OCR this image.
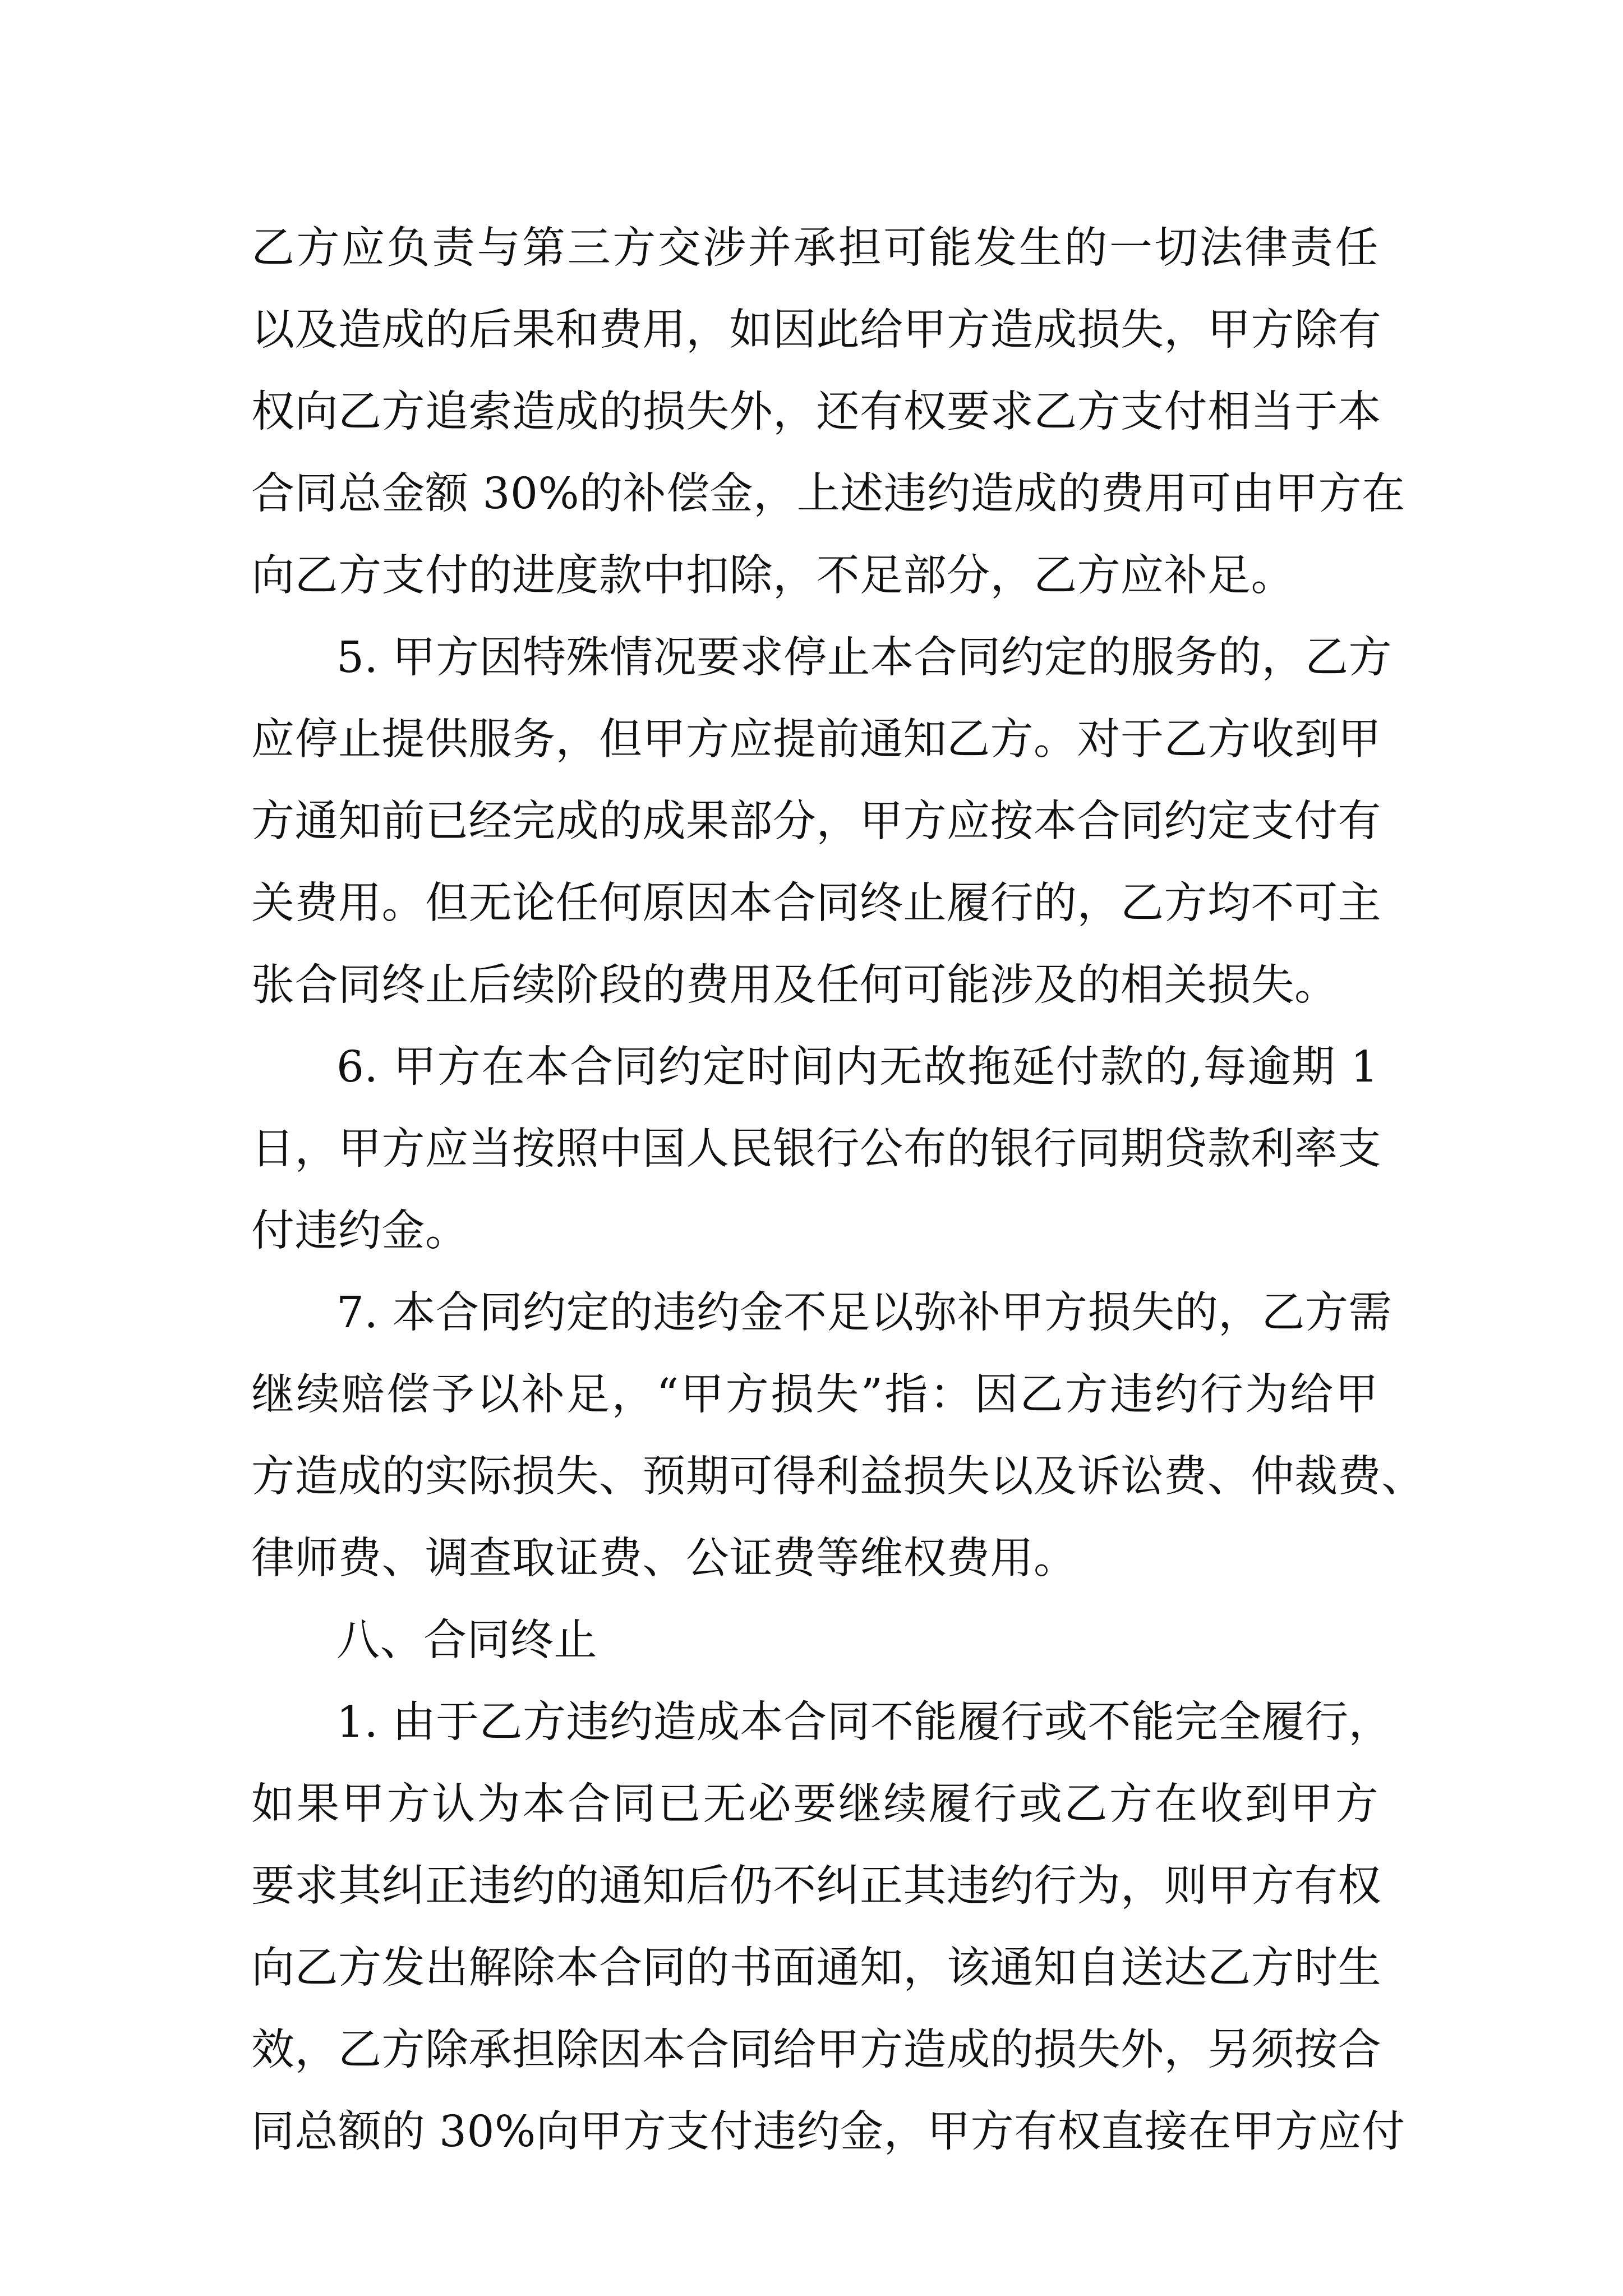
乙方应负责与第三方交涉并承担可能发生的一切法律责任
以及造成的后果和费用，如因此给甲方造成损失，甲方除有
权向乙方追索造成的损失外，还有权要求乙方支付相当于本
合同总金额 30%的补偿金，上述违约造成的费用可由甲方在
向乙方支付的进度款中扣除，不足部分，乙方应补足。
5. 甲方因特殊情况要求停止本合同约定的服务的，乙方
应停止提供服务，但甲方应提前通知乙方。对于乙方收到甲
方通知前已经完成的成果部分，甲方应按本合同约定支付有
关费用。但无论任何原因本合同终止履行的，乙方均不可主
张合同终止后续阶段的费用及任何可能涉及的相关损失。
6. 甲方在本合同约定时间内无故拖延付款的,每逾期 1
日，甲方应当按照中国人民银行公布的银行同期贷款利率支
付违约金。
7. 本合同约定的违约金不足以弥补甲方损失的，乙方需
继续赔偿予以补足，“甲方损失”指：因乙方违约行为给甲
方造成的实际损失、预期可得利益损失以及诉讼费、仲裁费、
律师费、调查取证费、公证费等维权费用。
八、合同终止
1. 由于乙方违约造成本合同不能履行或不能完全履行，
如果甲方认为本合同已无必要继续履行或乙方在收到甲方
要求其纠正违约的通知后仍不纠正其违约行为，则甲方有权
向乙方发出解除本合同的书面通知，该通知自送达乙方时生
效，乙方除承担除因本合同给甲方造成的损失外，另须按合
同总额的 30%向甲方支付违约金，甲方有权直接在甲方应付
